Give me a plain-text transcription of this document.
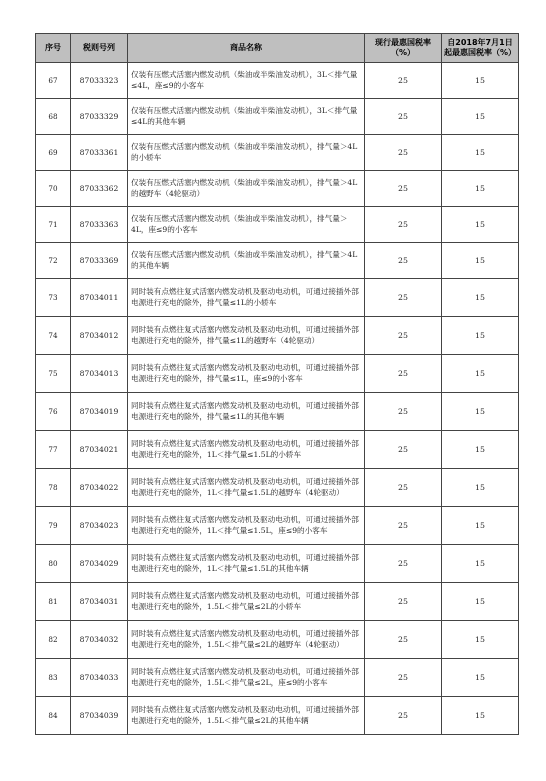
序号	税则号列	商品名称	现行最惠国税率（%）	自2018年7月1日起最惠国税率（%）
67	87033323	仅装有压燃式活塞内燃发动机（柴油或半柴油发动机），3L＜排气量≤4L，座≤9的小客车	25	15
68	87033329	仅装有压燃式活塞内燃发动机（柴油或半柴油发动机），3L＜排气量≤4L的其他车辆	25	15
69	87033361	仅装有压燃式活塞内燃发动机（柴油或半柴油发动机），排气量＞4L的小轿车	25	15
70	87033362	仅装有压燃式活塞内燃发动机（柴油或半柴油发动机），排气量＞4L的越野车（4轮驱动）	25	15
71	87033363	仅装有压燃式活塞内燃发动机（柴油或半柴油发动机），排气量＞4L，座≤9的小客车	25	15
72	87033369	仅装有压燃式活塞内燃发动机（柴油或半柴油发动机），排气量＞4L的其他车辆	25	15
73	87034011	同时装有点燃往复式活塞内燃发动机及驱动电动机，可通过接插外部电源进行充电的除外，排气量≤1L的小轿车	25	15
74	87034012	同时装有点燃往复式活塞内燃发动机及驱动电动机，可通过接插外部电源进行充电的除外，排气量≤1L的越野车（4轮驱动）	25	15
75	87034013	同时装有点燃往复式活塞内燃发动机及驱动电动机，可通过接插外部电源进行充电的除外，排气量≤1L，座≤9的小客车	25	15
76	87034019	同时装有点燃往复式活塞内燃发动机及驱动电动机，可通过接插外部电源进行充电的除外，排气量≤1L的其他车辆	25	15
77	87034021	同时装有点燃往复式活塞内燃发动机及驱动电动机，可通过接插外部电源进行充电的除外，1L＜排气量≤1.5L的小轿车	25	15
78	87034022	同时装有点燃往复式活塞内燃发动机及驱动电动机，可通过接插外部电源进行充电的除外，1L＜排气量≤1.5L的越野车（4轮驱动）	25	15
79	87034023	同时装有点燃往复式活塞内燃发动机及驱动电动机，可通过接插外部电源进行充电的除外，1L＜排气量≤1.5L，座≤9的小客车	25	15
80	87034029	同时装有点燃往复式活塞内燃发动机及驱动电动机，可通过接插外部电源进行充电的除外，1L＜排气量≤1.5L的其他车辆	25	15
81	87034031	同时装有点燃往复式活塞内燃发动机及驱动电动机，可通过接插外部电源进行充电的除外，1.5L＜排气量≤2L的小轿车	25	15
82	87034032	同时装有点燃往复式活塞内燃发动机及驱动电动机，可通过接插外部电源进行充电的除外，1.5L＜排气量≤2L的越野车（4轮驱动）	25	15
83	87034033	同时装有点燃往复式活塞内燃发动机及驱动电动机，可通过接插外部电源进行充电的除外，1.5L＜排气量≤2L，座≤9的小客车	25	15
84	87034039	同时装有点燃往复式活塞内燃发动机及驱动电动机，可通过接插外部电源进行充电的除外，1.5L＜排气量≤2L的其他车辆	25	15
